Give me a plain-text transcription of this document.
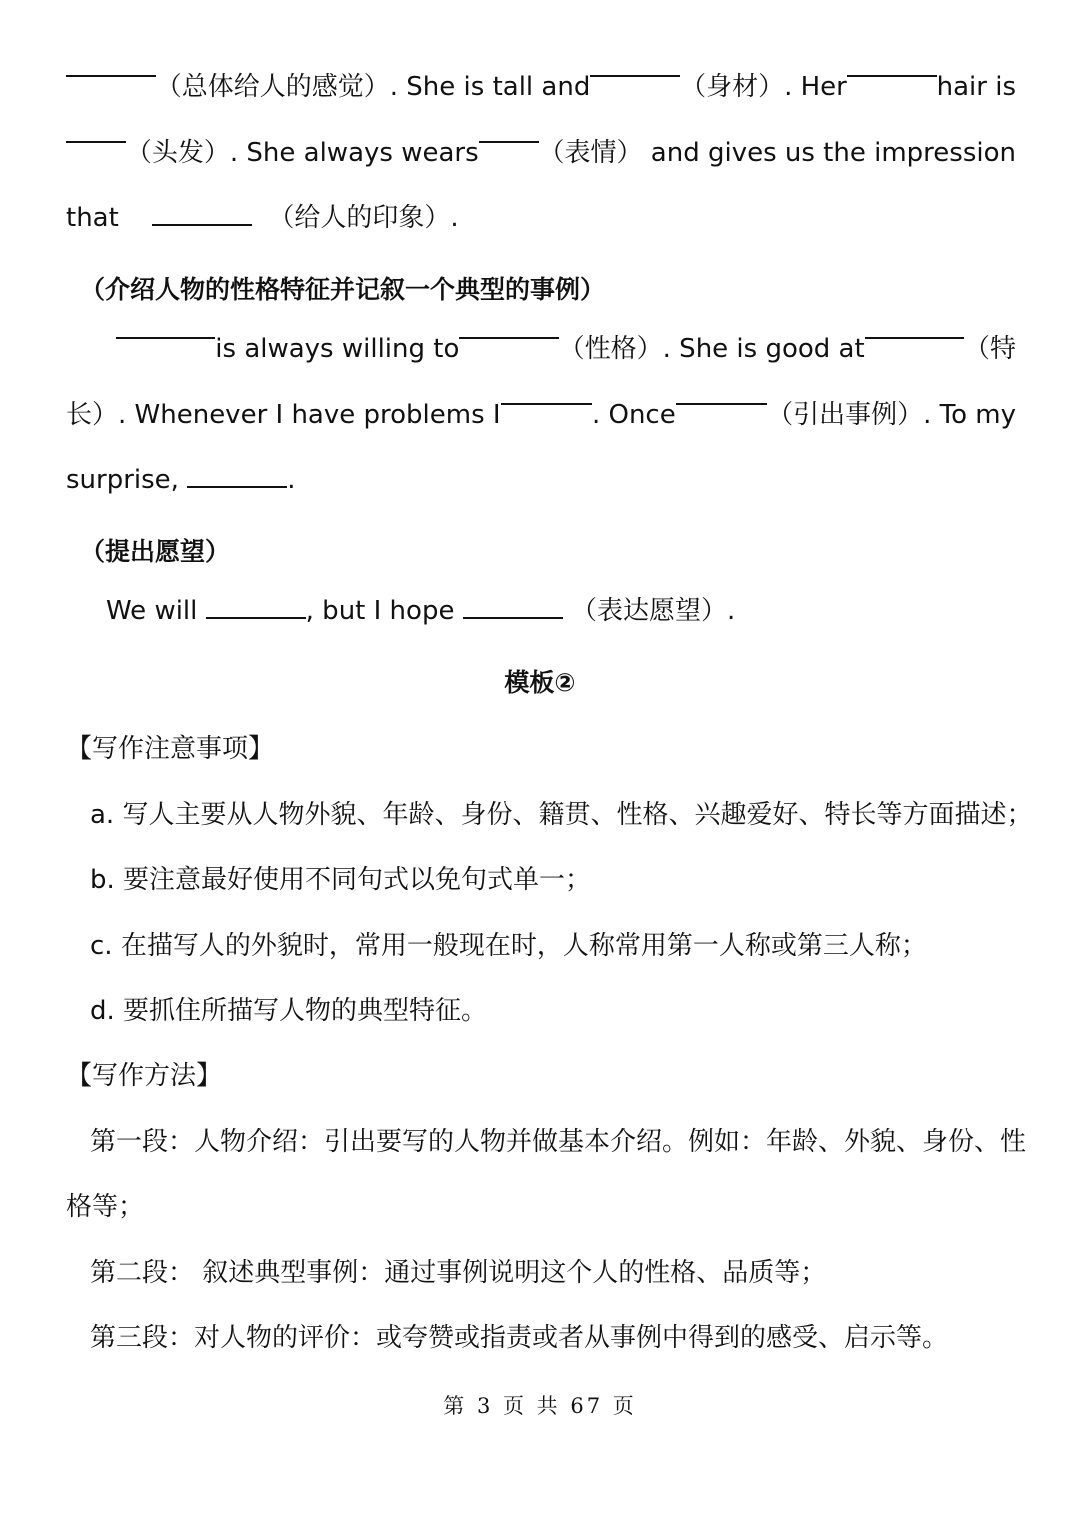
（总体给人的感觉）. She is tall and	（身材）. Her	hair is
（头发）. She always wears （表情） and gives us the impression
that	（给人的印象）.
（介绍人物的性格特征并记叙一个典型的事例）
is always willing to	（性格）. She is good at	（特
长）. Whenever I have problems I	. Once	（引出事例）. To my
surprise,	.
（提出愿望）
We will	, but I hope	（表达愿望）.
模板②
【写作注意事项】
a. 写人主要从人物外貌、年龄、身份、籍贯、性格、兴趣爱好、特长等方面描述；
b. 要注意最好使用不同句式以免句式单一；
c. 在描写人的外貌时，常用一般现在时，人称常用第一人称或第三人称；
d. 要抓住所描写人物的典型特征。
【写作方法】
第一段：人物介绍：引出要写的人物并做基本介绍。例如：年龄、外貌、身份、性
格等；
第二段： 叙述典型事例：通过事例说明这个人的性格、品质等；
第三段：对人物的评价：或夸赞或指责或者从事例中得到的感受、启示等。
第 3 页 共 67 页
